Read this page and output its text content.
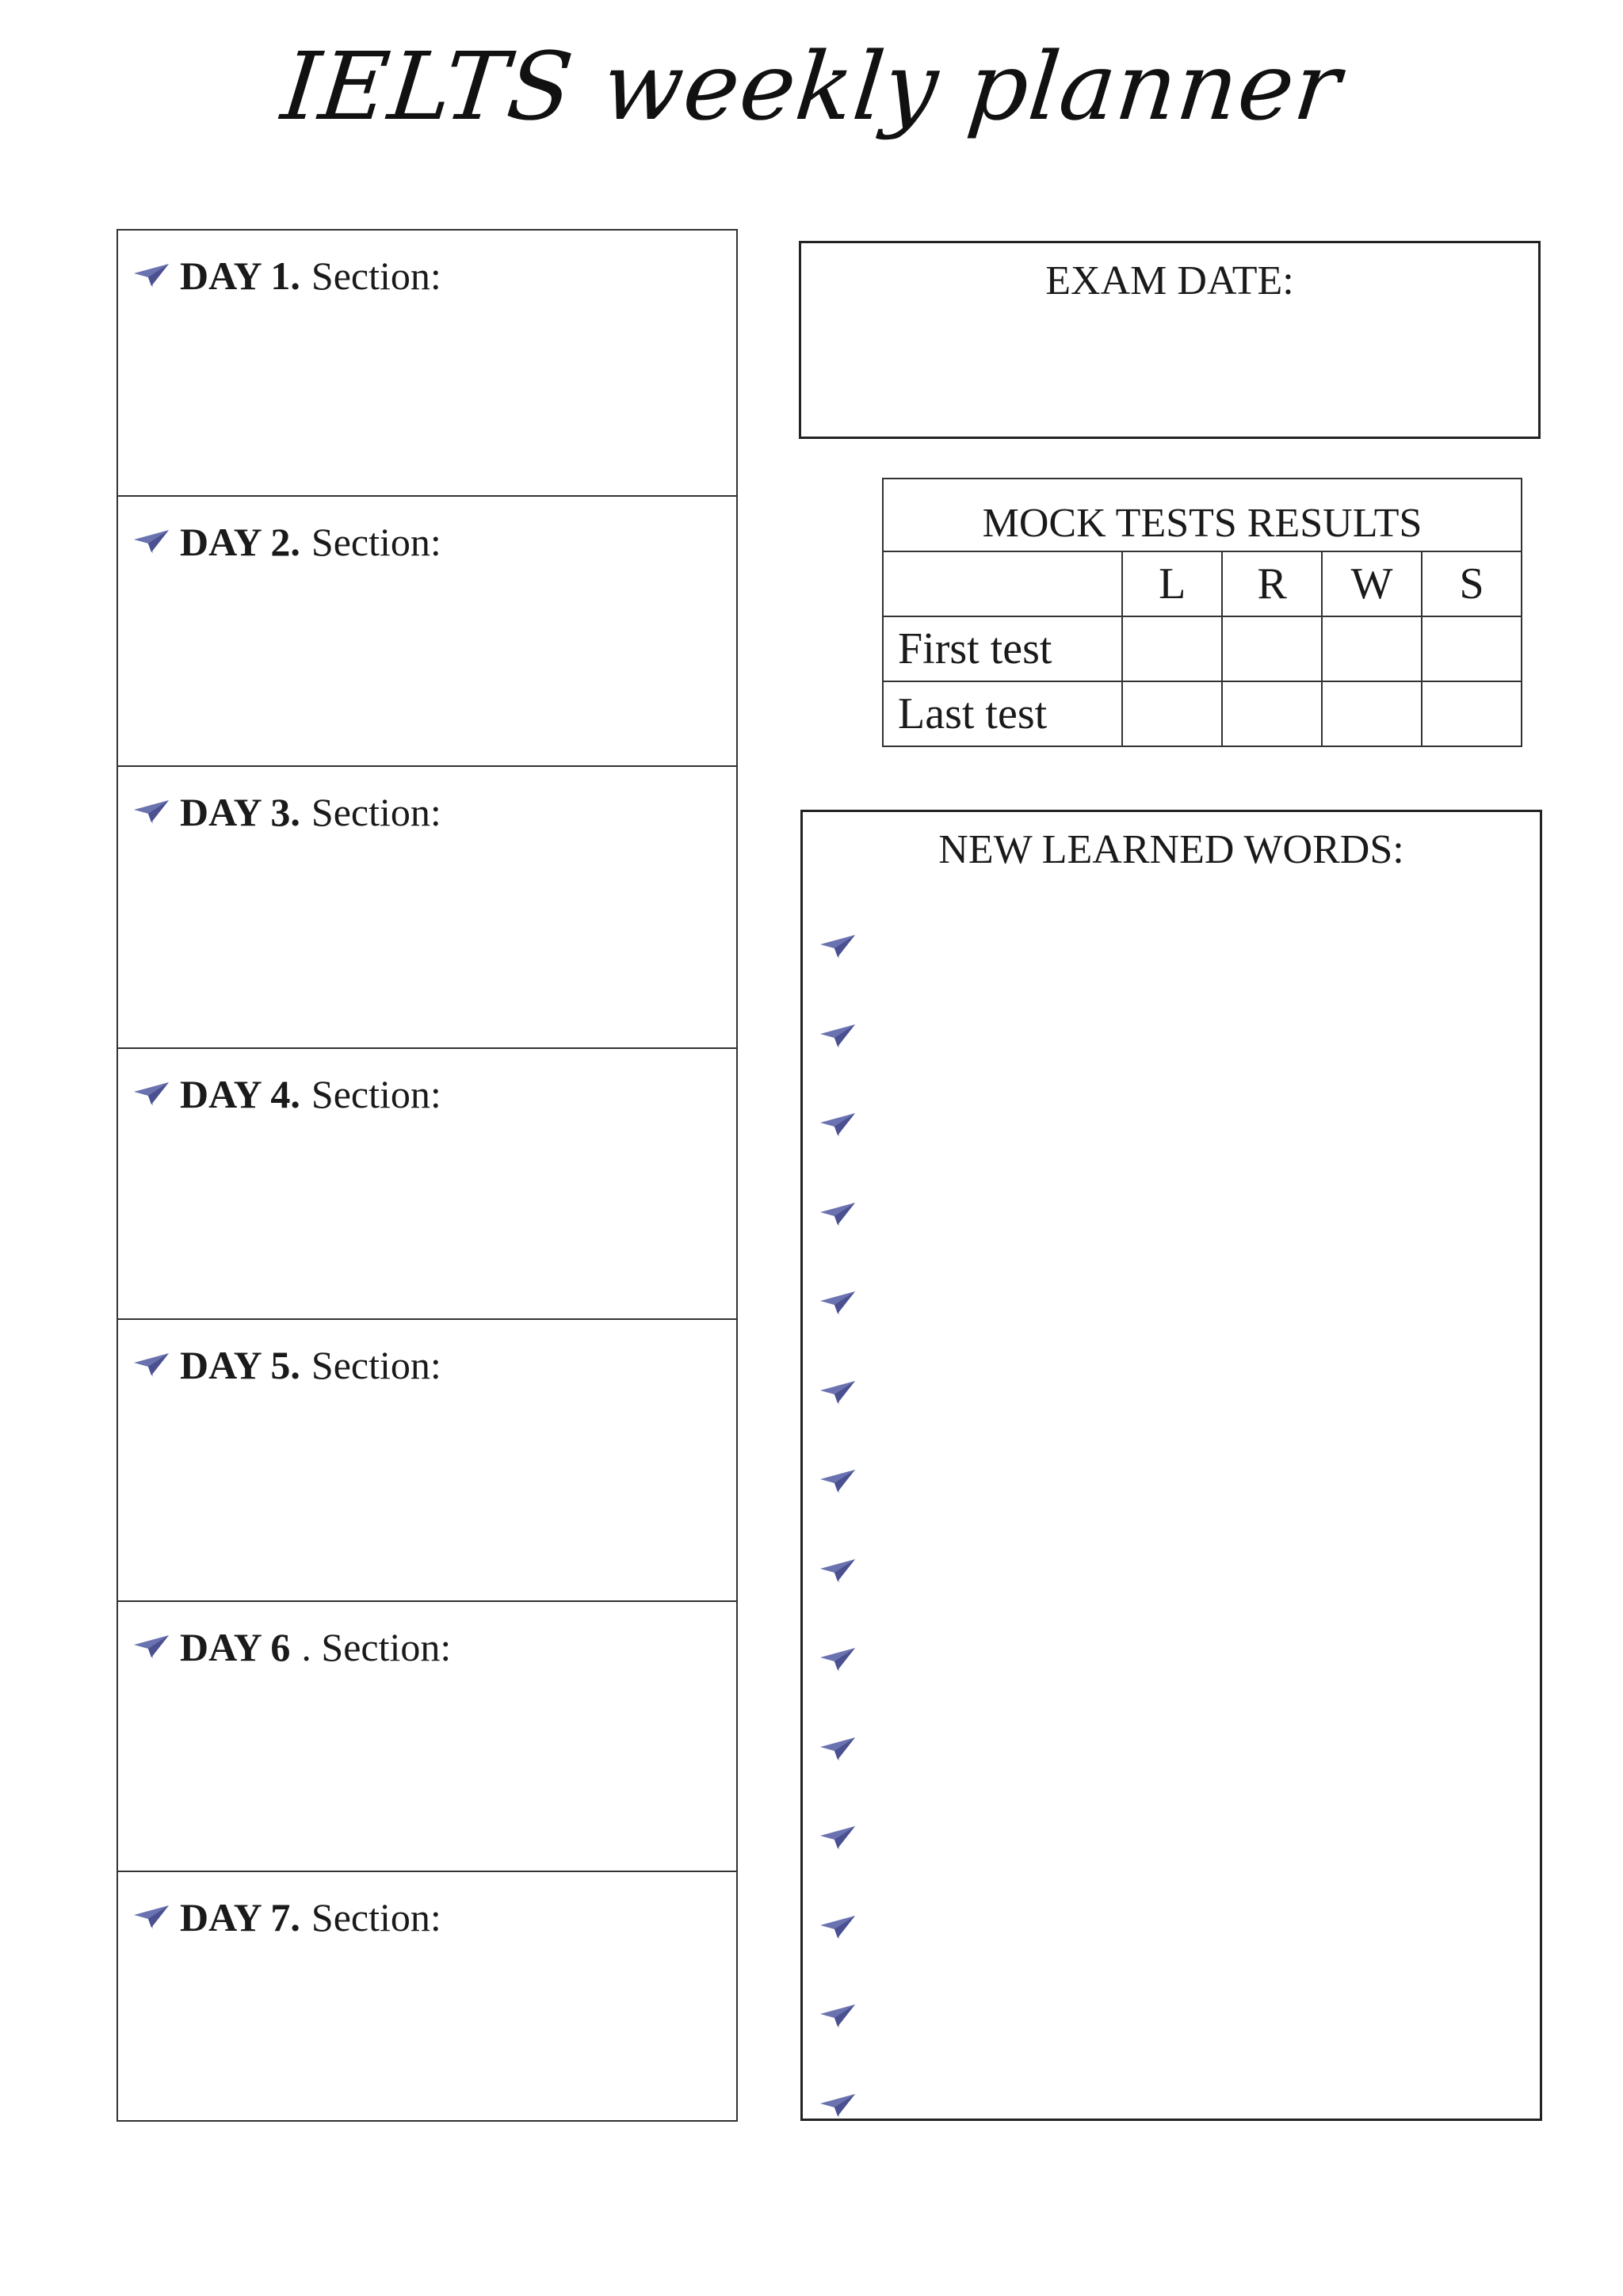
IELTS weekly planner
DAY 1. Section:
DAY 2. Section:
DAY 3. Section:
DAY 4. Section:
DAY 5. Section:
DAY 6 . Section:
DAY 7. Section:
EXAM DATE:
MOCK TESTS RESULTS				
	L	R	W	S
First test				
Last test				
NEW LEARNED WORDS:
